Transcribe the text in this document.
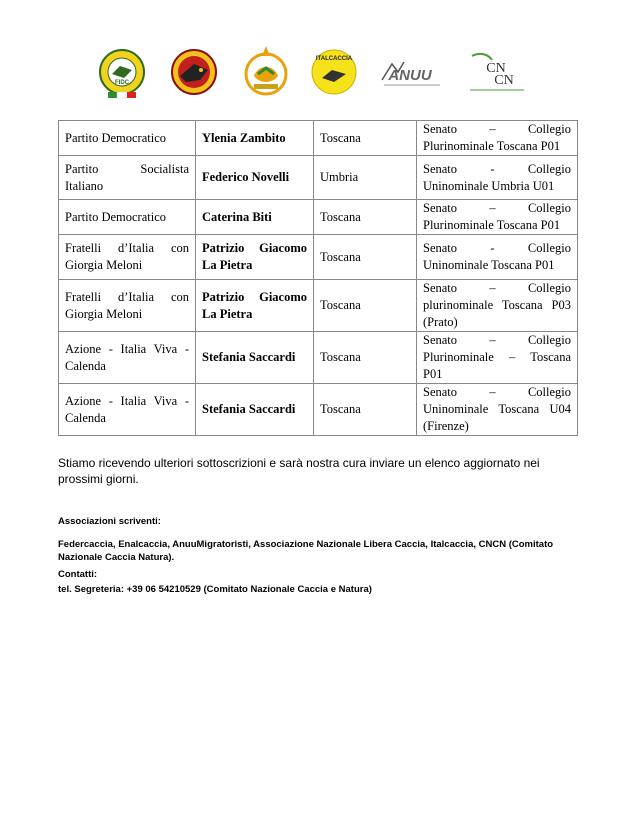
FIDC
ITALCACCIA
ANUU	CN
CN
Partito Democratico	Ylenia Zambito	Toscana	Senato – Collegio
Plurinominale Toscana P01

Partito Socialista
Italiano	Federico Novelli	Umbria	Senato - Collegio
Uninominale Umbria U01

Partito Democratico	Caterina Biti	Toscana	Senato – Collegio
Plurinominale Toscana P01

Fratelli d’Italia con
Giorgia Meloni	Patrizio Giacomo
La Pietra	Toscana	Senato - Collegio
Uninominale Toscana P01

Fratelli d’Italia con
Giorgia Meloni	Patrizio Giacomo
La Pietra	Toscana	Senato – Collegio
plurinominale Toscana P03
(Prato)

Azione - Italia Viva -
Calenda	Stefania Saccardi	Toscana	Senato – Collegio
Plurinominale – Toscana
P01

Azione - Italia Viva -
Calenda	Stefania Saccardi	Toscana	Senato – Collegio
Uninominale Toscana U04
(Firenze)
Stiamo ricevendo ulteriori sottoscrizioni e sarà nostra cura inviare un elenco aggiornato nei prossimi giorni.
Associazioni scriventi:
Federcaccia, Enalcaccia, AnuuMigratoristi, Associazione Nazionale Libera Caccia, Italcaccia, CNCN (Comitato Nazionale Caccia Natura).
Contatti:
tel. Segreteria: +39 06 54210529 (Comitato Nazionale Caccia e Natura)
